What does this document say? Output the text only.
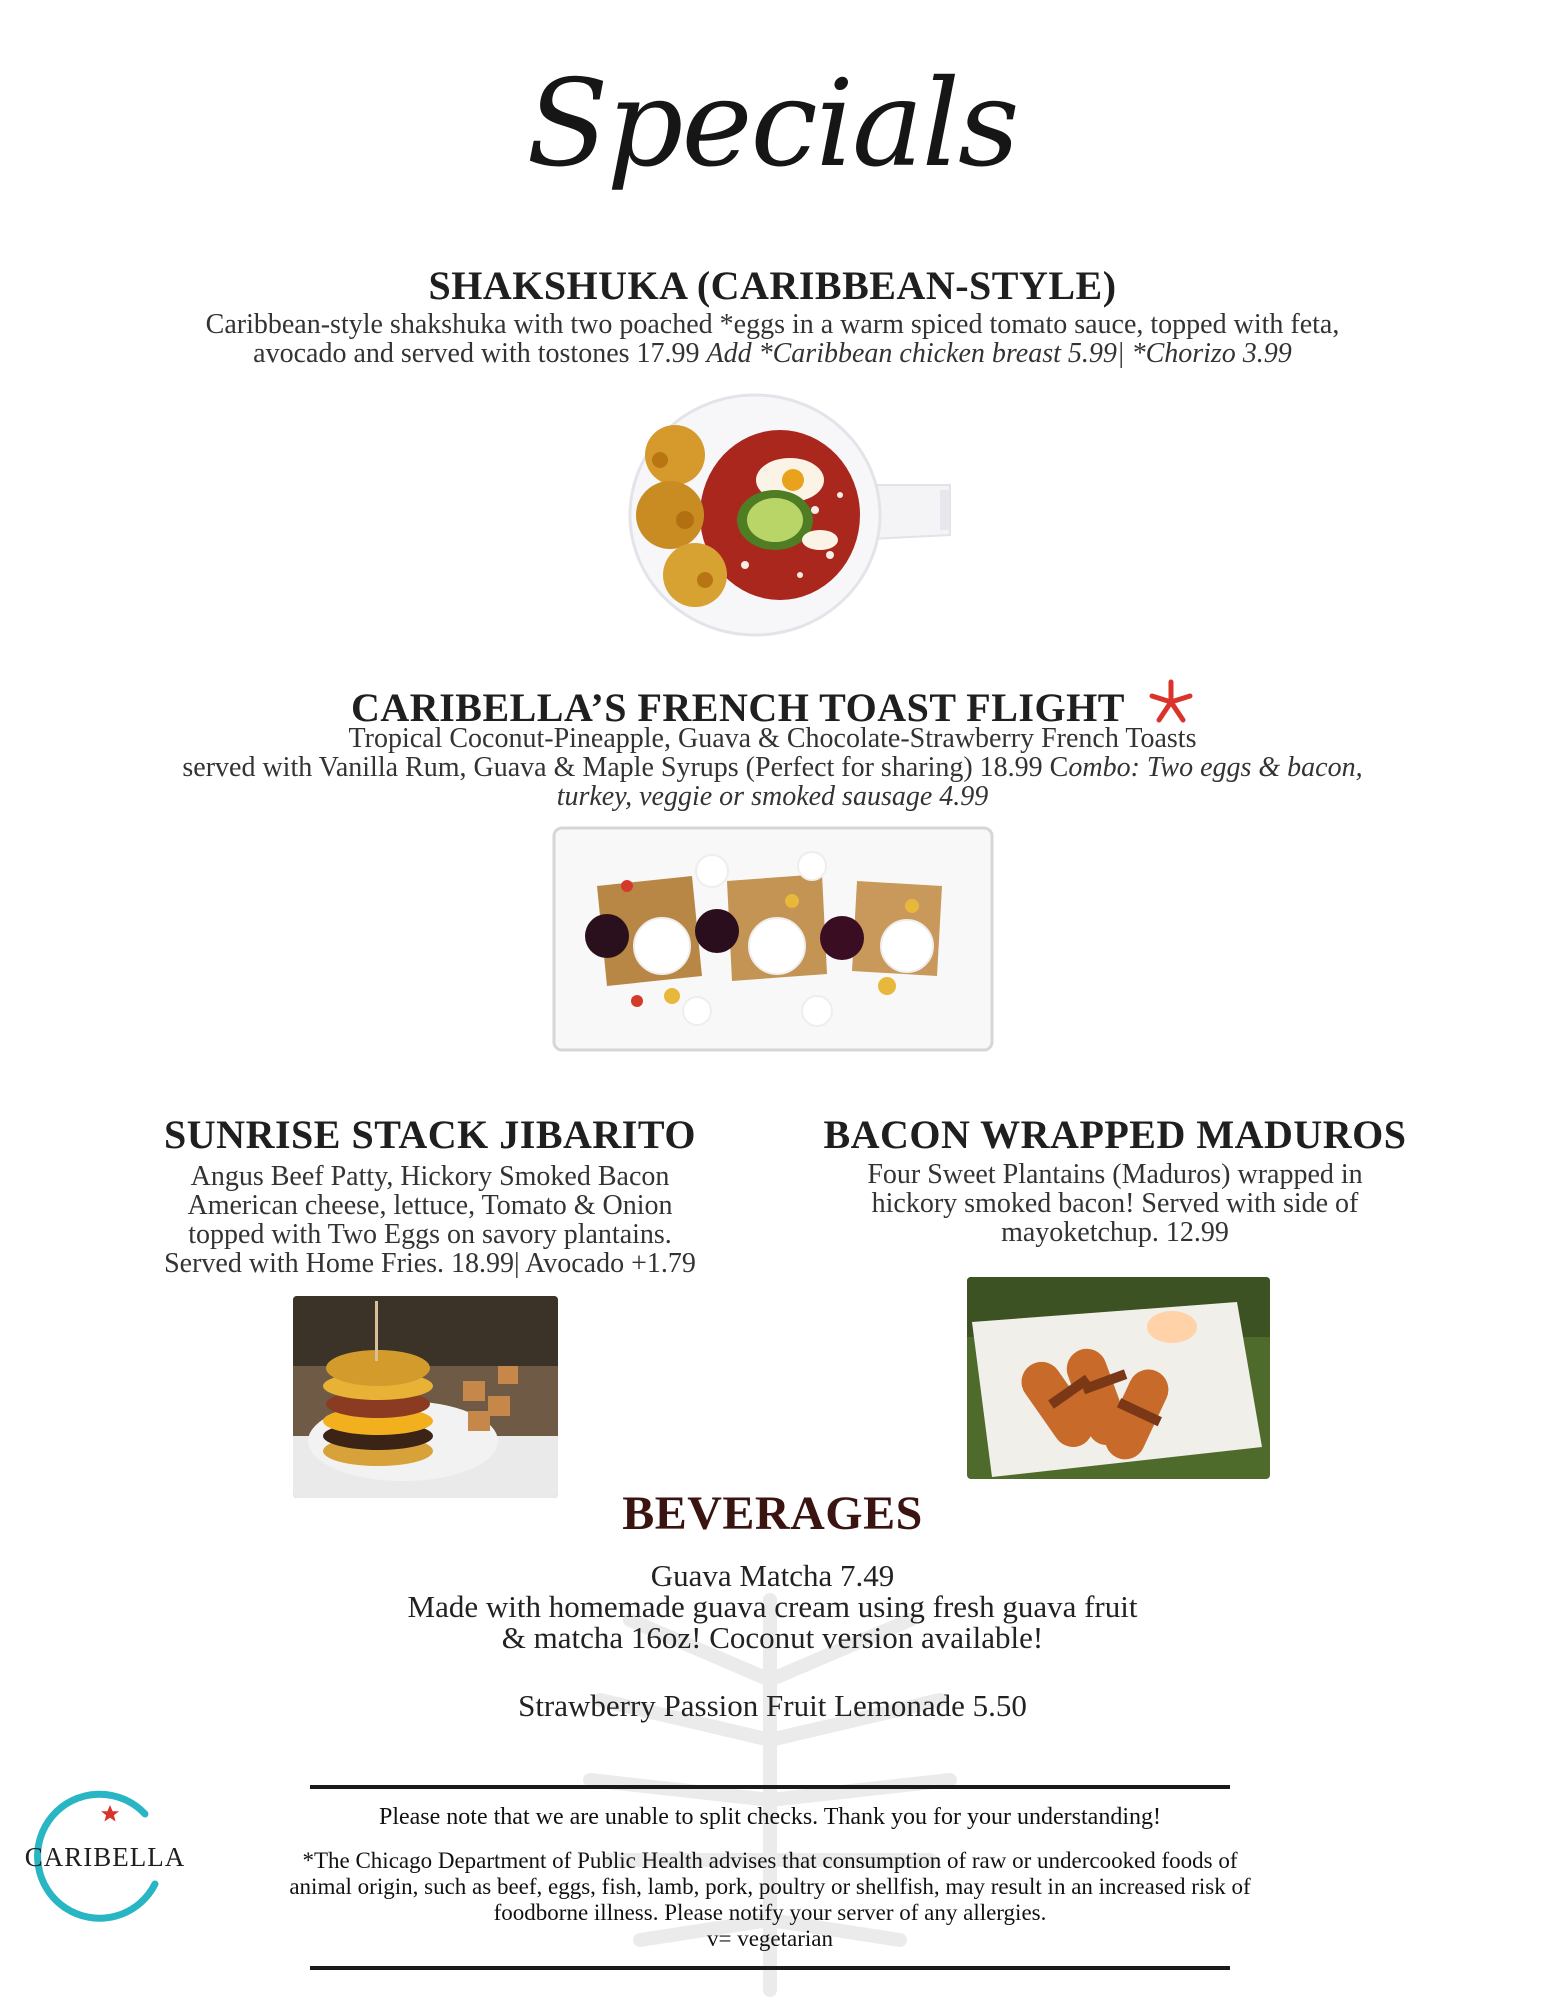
Specials
SHAKSHUKA (CARIBBEAN-STYLE)
Caribbean-style shakshuka with two poached *eggs in a warm spiced tomato sauce, topped with feta,
avocado and served with tostones 17.99 Add *Caribbean chicken breast 5.99| *Chorizo 3.99
CARIBELLA’S FRENCH TOAST FLIGHT
Tropical Coconut-Pineapple, Guava & Chocolate-Strawberry French Toasts
served with Vanilla Rum, Guava & Maple Syrups (Perfect for sharing) 18.99 Combo: Two eggs & bacon,
turkey, veggie or smoked sausage 4.99
SUNRISE STACK JIBARITO
Angus Beef Patty, Hickory Smoked Bacon
American cheese, lettuce, Tomato & Onion
topped with Two Eggs on savory plantains.
Served with Home Fries. 18.99| Avocado +1.79
BACON WRAPPED MADUROS
Four Sweet Plantains (Maduros) wrapped in
hickory smoked bacon! Served with side of
mayoketchup. 12.99
BEVERAGES
Guava Matcha 7.49
Made with homemade guava cream using fresh guava fruit
& matcha 16oz! Coconut version available!
Strawberry Passion Fruit Lemonade 5.50
Please note that we are unable to split checks. Thank you for your understanding!
*The Chicago Department of Public Health advises that consumption of raw or undercooked foods of
animal origin, such as beef, eggs, fish, lamb, pork, poultry or shellfish, may result in an increased risk of
foodborne illness. Please notify your server of any allergies.
v= vegetarian
CARIBELLA
